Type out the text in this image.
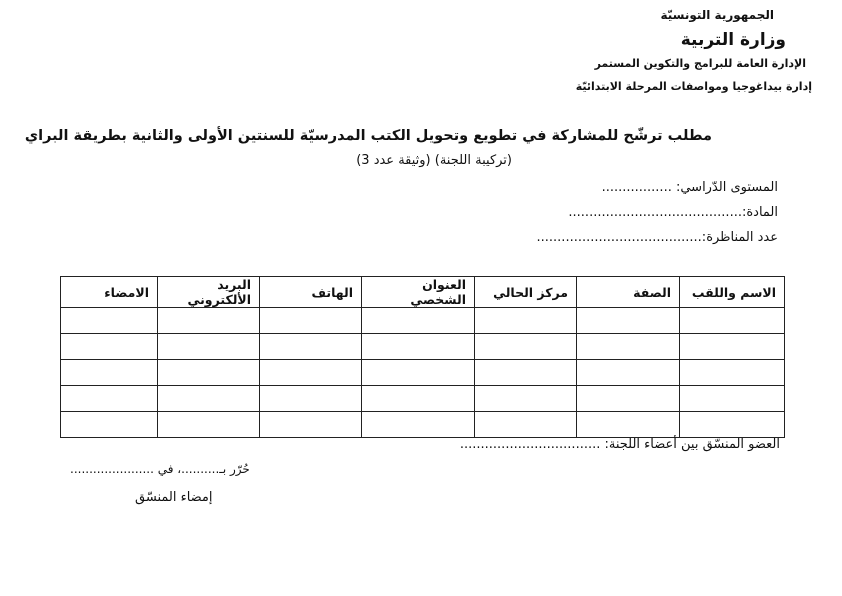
الجمهورية التونسيّة
وزارة التربية
الإدارة العامة للبرامج والتكوين المستمر
إدارة بيداغوجيا ومواصفات المرحلة الابتدائيّة
مطلب ترشّح للمشاركة في تطويع وتحويل الكتب المدرسيّة للسنتين الأولى والثانية بطريقة البراي
(تركيبة اللجنة) (وثيقة عدد 3)
المستوى الدّراسي: .................
المادة:..........................................
عدد المناظرة:........................................
الاسم واللقب	الصفة	مركز الحالي	العنوان الشخصي	الهاتف	البريد الألكتروني	الامضاء

العضو المنسّق بين أعضاء اللجنة: ..................................
حُرّر بـ..........، في ......................
إمضاء المنسّق
